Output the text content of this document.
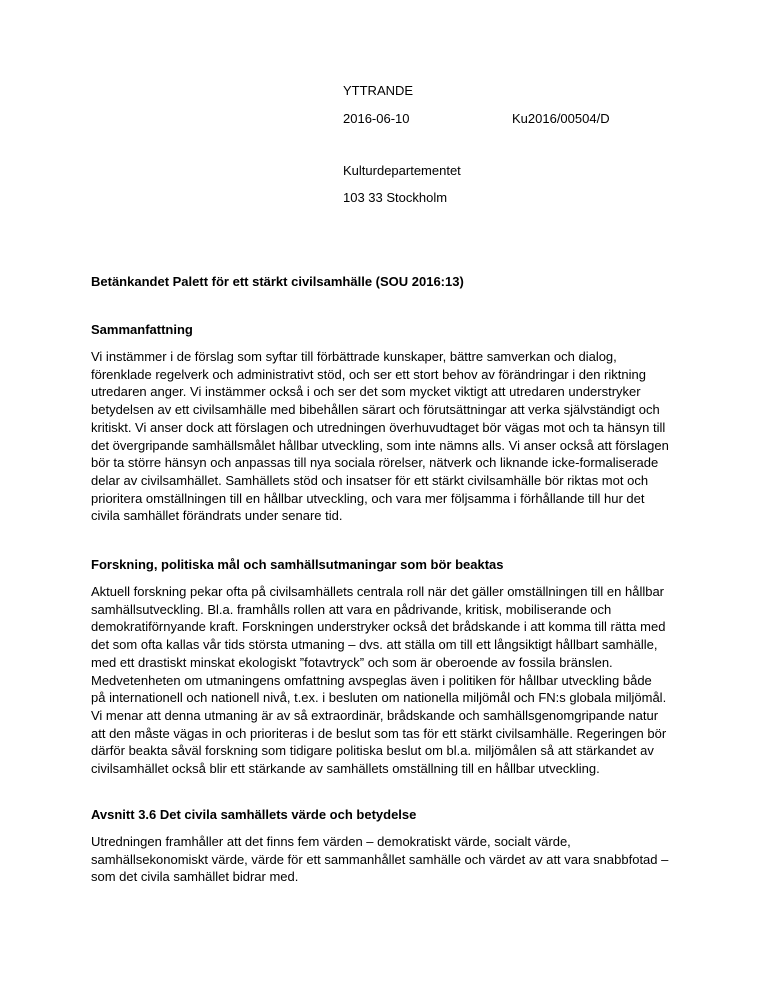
YTTRANDE
2016-06-10	Ku2016/00504/D
Kulturdepartementet
103 33 Stockholm
Betänkandet Palett för ett stärkt civilsamhälle (SOU 2016:13)
Sammanfattning
Vi instämmer i de förslag som syftar till förbättrade kunskaper, bättre samverkan och dialog,
förenklade regelverk och administrativt stöd, och ser ett stort behov av förändringar i den riktning
utredaren anger. Vi instämmer också i och ser det som mycket viktigt att utredaren understryker
betydelsen av ett civilsamhälle med bibehållen särart och förutsättningar att verka självständigt och
kritiskt. Vi anser dock att förslagen och utredningen överhuvudtaget bör vägas mot och ta hänsyn till
det övergripande samhällsmålet hållbar utveckling, som inte nämns alls. Vi anser också att förslagen
bör ta större hänsyn och anpassas till nya sociala rörelser, nätverk och liknande icke-formaliserade
delar av civilsamhället. Samhällets stöd och insatser för ett stärkt civilsamhälle bör riktas mot och
prioritera omställningen till en hållbar utveckling, och vara mer följsamma i förhållande till hur det
civila samhället förändrats under senare tid.
Forskning, politiska mål och samhällsutmaningar som bör beaktas
Aktuell forskning pekar ofta på civilsamhällets centrala roll när det gäller omställningen till en hållbar
samhällsutveckling. Bl.a. framhålls rollen att vara en pådrivande, kritisk, mobiliserande och
demokratiförnyande kraft. Forskningen understryker också det brådskande i att komma till rätta med
det som ofta kallas vår tids största utmaning – dvs. att ställa om till ett långsiktigt hållbart samhälle,
med ett drastiskt minskat ekologiskt ”fotavtryck” och som är oberoende av fossila bränslen.
Medvetenheten om utmaningens omfattning avspeglas även i politiken för hållbar utveckling både
på internationell och nationell nivå, t.ex. i besluten om nationella miljömål och FN:s globala miljömål.
Vi menar att denna utmaning är av så extraordinär, brådskande och samhällsgenomgripande natur
att den måste vägas in och prioriteras i de beslut som tas för ett stärkt civilsamhälle. Regeringen bör
därför beakta såväl forskning som tidigare politiska beslut om bl.a. miljömålen så att stärkandet av
civilsamhället också blir ett stärkande av samhällets omställning till en hållbar utveckling.
Avsnitt 3.6 Det civila samhällets värde och betydelse
Utredningen framhåller att det finns fem värden – demokratiskt värde, socialt värde,
samhällsekonomiskt värde, värde för ett sammanhållet samhälle och värdet av att vara snabbfotad –
som det civila samhället bidrar med.
